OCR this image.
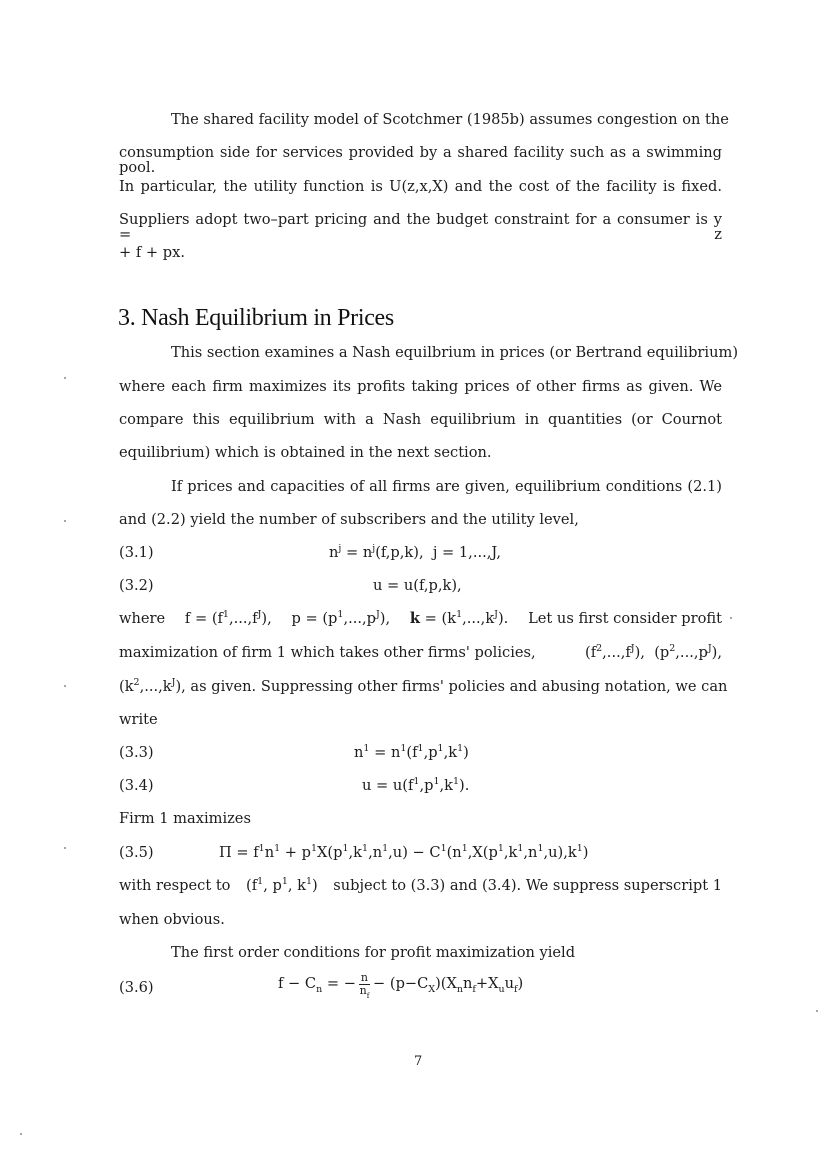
The shared facility model of Scotchmer (1985b) assumes congestion on the
consumption side for services provided by a shared facility such as a swimming pool.
In particular, the utility function is U(z,x,X) and the cost of the facility is fixed.
Suppliers adopt two–part pricing and the budget constraint for a consumer is y = z
+ f + px.
3. Nash Equilibrium in Prices
This section examines a Nash equilbrium in prices (or Bertrand equilibrium)
where each firm maximizes its profits taking prices of other firms as given. We
compare this equilibrium with a Nash equilibrium in quantities (or Cournot
equilibrium) which is obtained in the next section.
If prices and capacities of all firms are given, equilibrium conditions (2.1)
and (2.2) yield the number of subscribers and the utility level,
(3.1)	$n^j = n^j(f,p,k)$,  j = 1,...,J,
(3.2)	u = u(f,p,k),
where $f = (f^1,...,f^J)$, $p = (p^1,...,p^J)$, $k = (k^1,...,k^J)$. Let us first consider profit
maximization of firm 1 which takes other firms' policies,	$(f^2,...,f^J)$,  $(p^2,...,p^J)$,
$(k^2,...,k^J)$ , as given. Suppressing other firms' policies and abusing notation, we can
write
(3.3)	$n^1 = n^1(f^1,p^1,k^1)$
(3.4)	$u = u(f^1,p^1,k^1)$.
Firm 1 maximizes
(3.5)	$\Pi = f^1n^1 + p^1X(p^1,k^1,n^1,u) - C^1(n^1,X(p^1,k^1,n^1,u),k^1)$
with respect to ($f^1$, $p^1$, $k^1$) subject to (3.3) and (3.4). We suppress superscript 1
when obvious.
The first order conditions for profit maximization yield
(3.6)	$f - C_n$ = − $\frac{n}{n_f} - (p-C_X)(X_nn_f+X_uu_f)$
7
